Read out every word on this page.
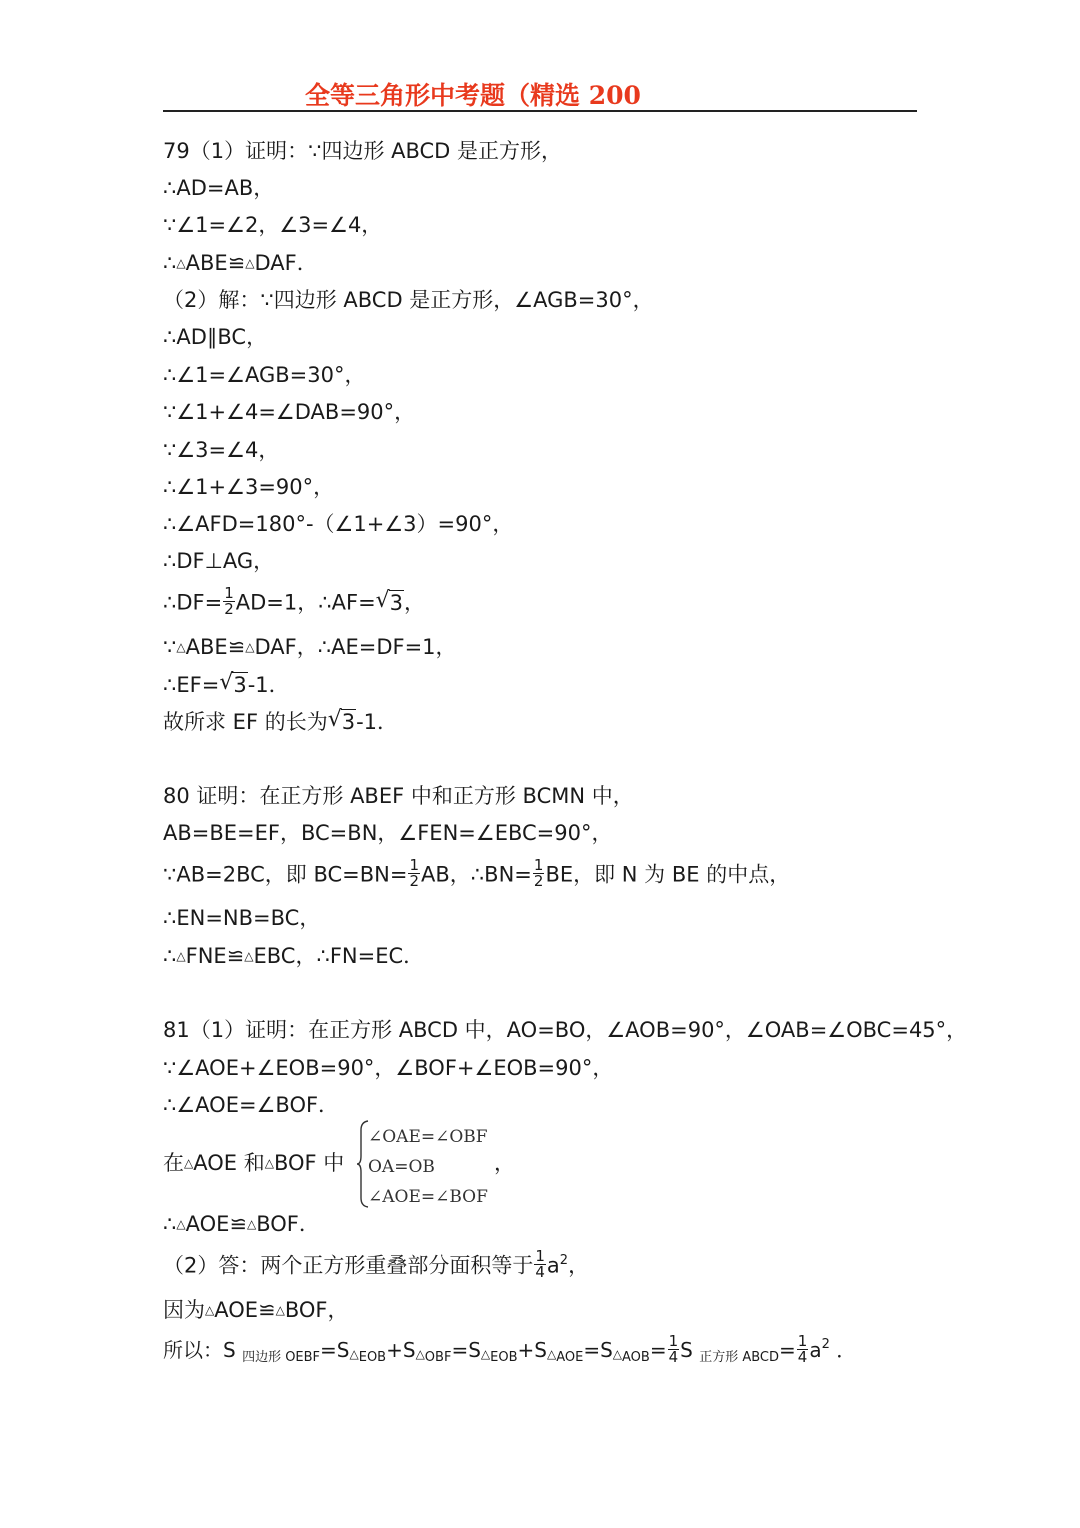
全等三角形中考题（精选 200
79（1）证明：∵四边形 ABCD 是正方形，
∴AD=AB，
∵∠1=∠2，∠3=∠4，
∴△ABE≌△DAF．
（2）解：∵四边形 ABCD 是正方形，∠AGB=30°，
∴AD∥BC，
∴∠1=∠AGB=30°，
∵∠1+∠4=∠DAB=90°，
∵∠3=∠4，
∴∠1+∠3=90°，
∴∠AFD=180°-（∠1+∠3）=90°，
∴DF⊥AG，
∴DF= $\frac{1}{2} AD=1$，∴AF= √ 3，
∵△ABE≌△DAF，∴AE=DF=1，
∴EF= √ 3-1．
故所求 EF 的长为 √ 3-1．
80 证明：在正方形 ABEF 中和正方形 BCMN 中，
AB=BE=EF，BC=BN，∠FEN=∠EBC=90°，
∵AB=2BC，即 $BC=BN= \frac{1}{2}$ AB，∴BN= $\frac{1}{2}$ BE，即 N 为 BE 的中点，
∴EN=NB=BC，
∴△FNE≌△EBC，∴FN=EC．
81（1）证明：在正方形 ABCD 中，AO=BO，∠AOB=90°，∠OAB=∠OBC=45°，
∵∠AOE+∠EOB=90°，∠BOF+∠EOB=90°，
∴∠AOE=∠BOF．
在△AOE 和△BOF 中
∠OAE=∠OBF
OA=OB
∠AOE=∠BOF
，
∴△AOE≌△BOF．
（2）答：两个正方形重叠部分面积等于 $\frac{1}{4} a^2$，
因为△AOE≌△BOF，
所以：S $_{四边形 OEBF}=S_{\triangle EOB}+S_{\triangle OBF}=S_{\triangle EOB}+S_{\triangle AOE}=S_{\triangle AOB}= \frac{1}{4}$ S $_{正方形 ABCD}= \frac{1}{4} a^2$ ．
